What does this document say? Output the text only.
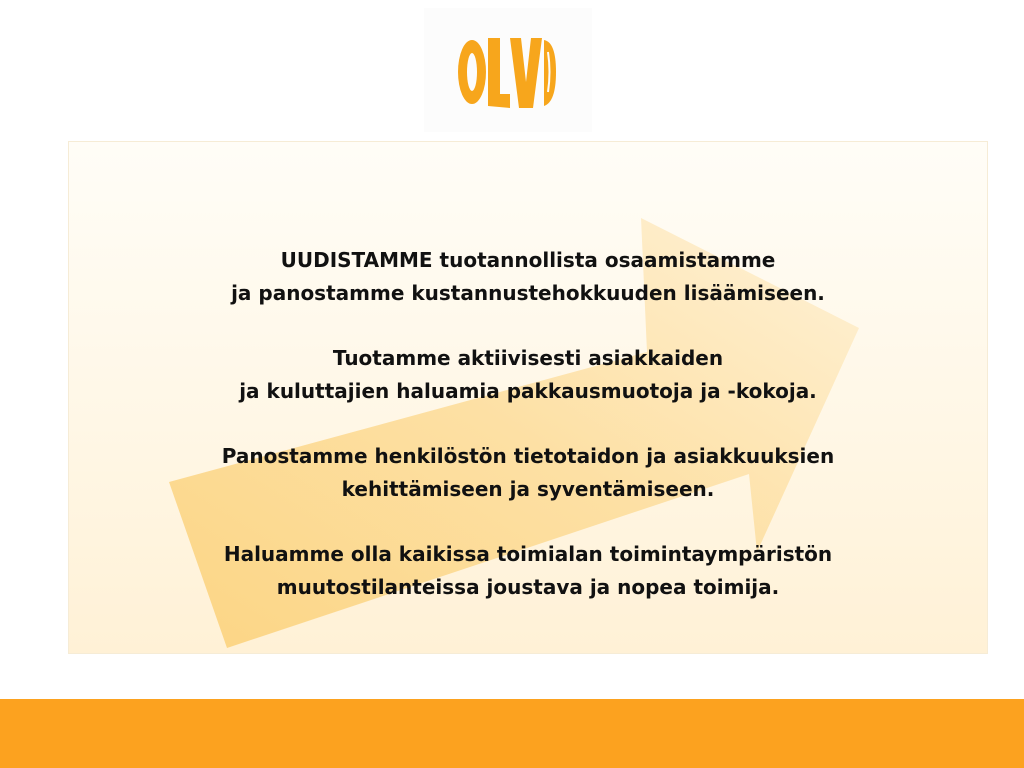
UUDISTAMME tuotannollista osaamistamme
ja panostamme kustannustehokkuuden lisäämiseen.

Tuotamme aktiivisesti asiakkaiden
ja kuluttajien haluamia pakkausmuotoja ja -kokoja.

Panostamme henkilöstön tietotaidon ja asiakkuuksien
kehittämiseen ja syventämiseen.

Haluamme olla kaikissa toimialan toimintaympäristön
muutostilanteissa joustava ja nopea toimija.
